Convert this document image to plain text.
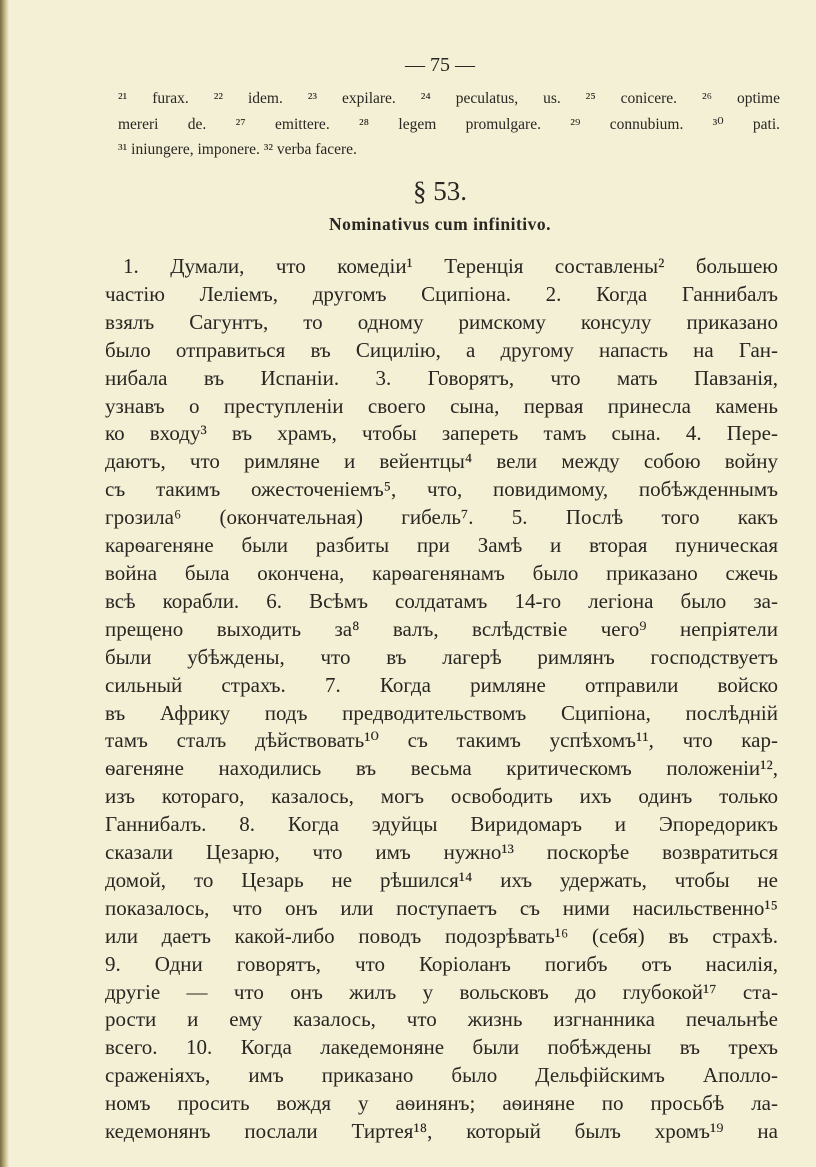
— 75 —
²¹ furax. ²² idem. ²³ expilare. ²⁴ peculatus, us. ²⁵ conicere. ²⁶ optime
mereri de. ²⁷ emittere. ²⁸ legem promulgare. ²⁹ connubium. ³⁰ pati.
³¹ iniungere, imponere. ³² verba facere.
§ 53.
Nominativus cum infinitivo.
1. Думали, что комедіи¹ Теренція составлены² большею
частію Леліемъ, другомъ Сципіона. 2. Когда Ганнибалъ
взялъ Сагунтъ, то одному римскому консулу приказано
было отправиться въ Сицилію, а другому напасть на Ган-
нибала въ Испаніи. 3. Говорятъ, что мать Павзанія,
узнавъ о преступленіи своего сына, первая принесла камень
ко входу³ въ храмъ, чтобы запереть тамъ сына. 4. Пере-
даютъ, что римляне и вейентцы⁴ вели между собою войну
съ такимъ ожесточеніемъ⁵, что, повидимому, побѣжденнымъ
грозила⁶ (окончательная) гибель⁷. 5. Послѣ того какъ
карѳагеняне были разбиты при Замѣ и вторая пуническая
война была окончена, карѳагенянамъ было приказано сжечь
всѣ корабли. 6. Всѣмъ солдатамъ 14-го легіона было за-
прещено выходить за⁸ валъ, вслѣдствіе чего⁹ непріятели
были убѣждены, что въ лагерѣ римлянъ господствуетъ
сильный страхъ. 7. Когда римляне отправили войско
въ Африку подъ предводительствомъ Сципіона, послѣдній
тамъ сталъ дѣйствовать¹⁰ съ такимъ успѣхомъ¹¹, что кар-
ѳагеняне находились въ весьма критическомъ положеніи¹²,
изъ котораго, казалось, могъ освободить ихъ одинъ только
Ганнибалъ. 8. Когда эдуйцы Виридомаръ и Эпоредорикъ
сказали Цезарю, что имъ нужно¹³ поскорѣе возвратиться
домой, то Цезарь не рѣшился¹⁴ ихъ удержать, чтобы не
показалось, что онъ или поступаетъ съ ними насильственно¹⁵
или даетъ какой-либо поводъ подозрѣвать¹⁶ (себя) въ страхѣ.
9. Одни говорятъ, что Коріоланъ погибъ отъ насилія,
другіе — что онъ жилъ у вольсковъ до глубокой¹⁷ ста-
рости и ему казалось, что жизнь изгнанника печальнѣе
всего. 10. Когда лакедемоняне были побѣждены въ трехъ
сраженіяхъ, имъ приказано было Дельфійскимъ Аполло-
номъ просить вождя у аѳинянъ; аѳиняне по просьбѣ ла-
кедемонянъ послали Тиртея¹⁸, который былъ хромъ¹⁹ на
